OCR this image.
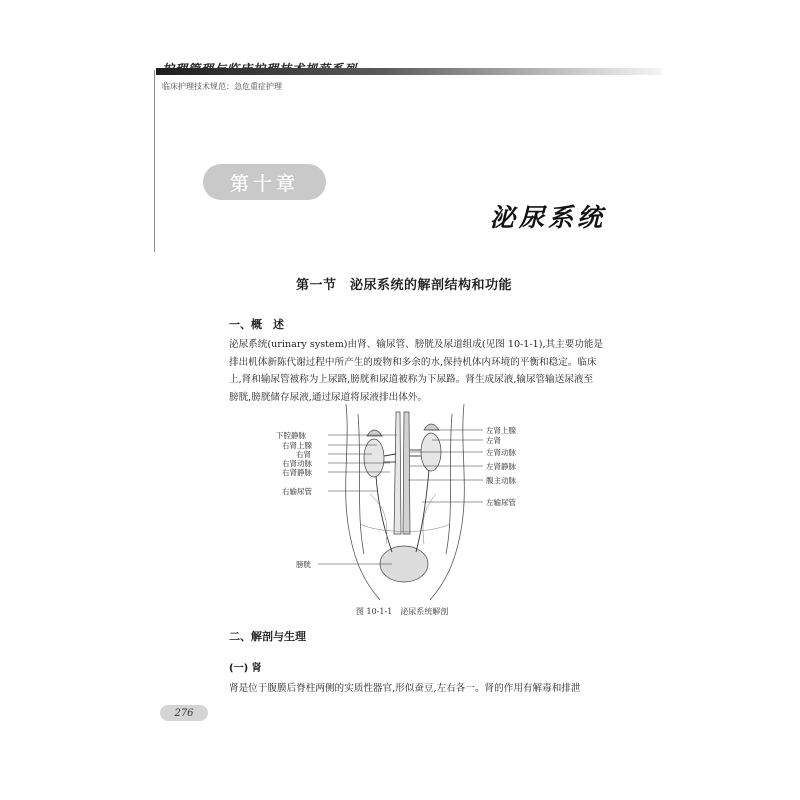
临床护理技术规范：急危重症护理
第十章
泌尿系统
第一节　泌尿系统的解剖结构和功能
一、概　述
泌尿系统(urinary system)由肾、输尿管、膀胱及尿道组成(见图 10-1-1),其主要功能是
排出机体新陈代谢过程中所产生的废物和多余的水,保持机体内环境的平衡和稳定。临床
上,肾和输尿管被称为上尿路,膀胱和尿道被称为下尿路。肾生成尿液,输尿管输送尿液至
膀胱,膀胱储存尿液,通过尿道将尿液排出体外。
下腔静脉
右肾上腺
右肾
右肾动脉
右肾静脉
右输尿管
膀胱
左肾上腺
左肾
左肾动脉
左肾静脉
腹主动脉
左输尿管
图 10-1-1　泌尿系统解剖
二、解剖与生理
(一) 肾
肾是位于腹膜后脊柱两侧的实质性器官,形似蚕豆,左右各一。肾的作用有解毒和排泄
276
